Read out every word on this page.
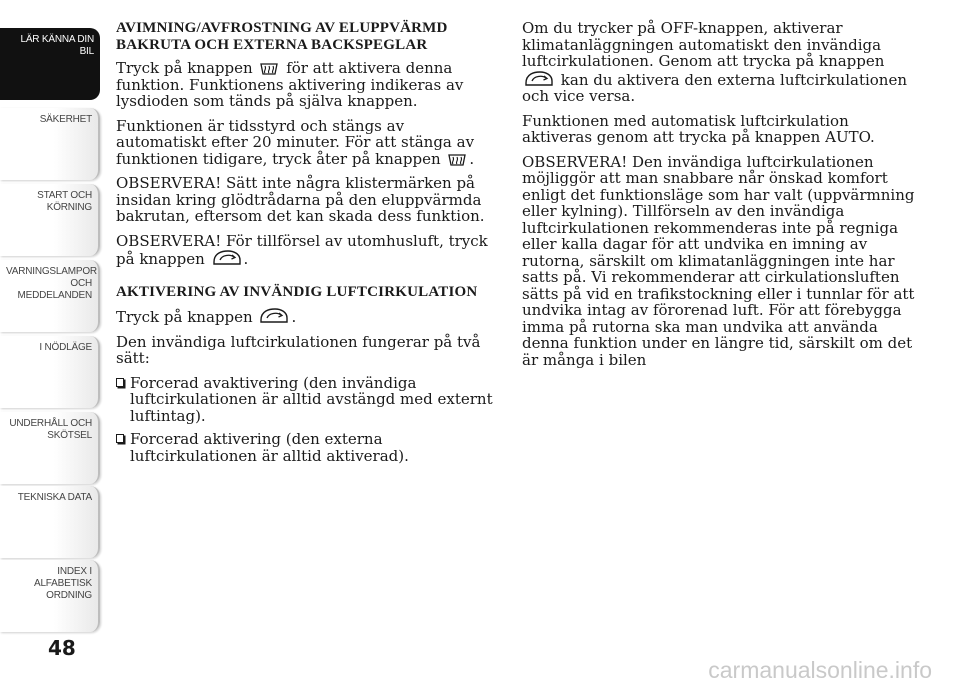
LÄR KÄNNA DIN
BIL
SÄKERHET
START OCH
KÖRNING
VARNINGSLAMPOR
OCH
MEDDELANDEN
I NÖDLÄGE
UNDERHÅLL OCH
SKÖTSEL
TEKNISKA DATA
INDEX I
ALFABETISK
ORDNING
48
AVIMNING/AVFROSTNING AV ELUPPVÄRMD BAKRUTA OCH EXTERNA BACKSPEGLAR

Tryck på knappen för att aktivera denna funktion. Funktionens aktivering indikeras av lysdioden som tänds på själva knappen.

Funktionen är tidsstyrd och stängs av automatiskt efter 20 minuter. För att stänga av funktionen tidigare, tryck åter på knappen .

OBSERVERA! Sätt inte några klistermärken på insidan kring glödtrådarna på den eluppvärmda bakrutan, eftersom det kan skada dess funktion.

OBSERVERA! För tillförsel av utomhusluft, tryck på knappen	.

AKTIVERING AV INVÄNDIG LUFTCIRKULATION

Tryck på knappen	.

Den invändiga luftcirkulationen fungerar på två sätt:

Forcerad avaktivering (den invändiga luftcirkulationen är alltid avstängd med externt luftintag).
Forcerad aktivering (den externa luftcirkulationen är alltid aktiverad).

Om du trycker på OFF-knappen, aktiverar klimatanläggningen automatiskt den invändiga luftcirkulationen. Genom att trycka på knappen  kan du aktivera den externa luftcirkulationen och vice versa.

Funktionen med automatisk luftcirkulation aktiveras genom att trycka på knappen AUTO.

OBSERVERA! Den invändiga luftcirkulationen möjliggör att man snabbare når önskad komfort enligt det funktionsläge som har valt (uppvärmning eller kylning). Tillförseln av den invändiga luftcirkulationen rekommenderas inte på regniga eller kalla dagar för att undvika en imning av rutorna, särskilt om klimatanläggningen inte har satts på. Vi rekommenderar att cirkulationsluften sätts på vid en trafikstockning eller i tunnlar för att undvika intag av förorenad luft. För att förebygga imma på rutorna ska man undvika att använda denna funktion under en längre tid, särskilt om det är många i bilen

carmanualsonline.info
